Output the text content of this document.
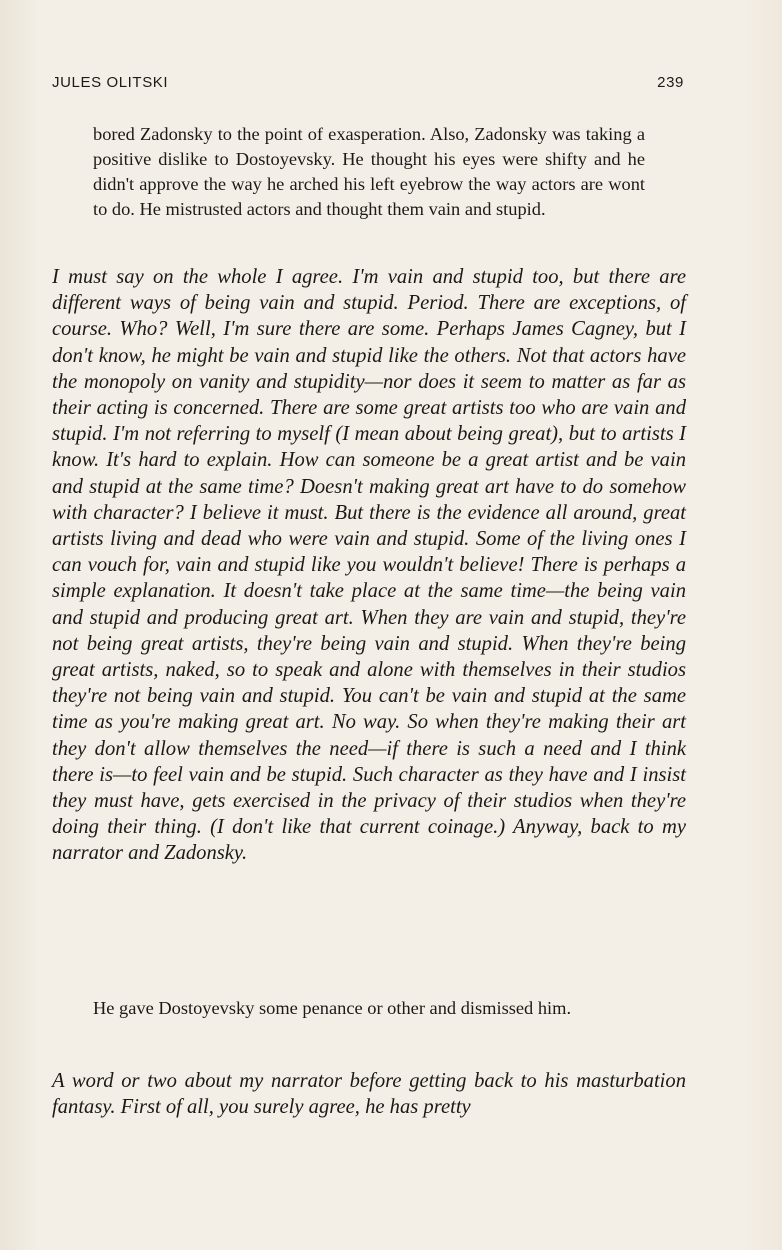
JULES OLITSKI	239

bored Zadonsky to the point of exasperation. Also, Zadonsky was taking a positive dislike to Dostoyevsky. He thought his eyes were shifty and he didn't approve the way he arched his left eyebrow the way actors are wont to do. He mistrusted actors and thought them vain and stupid.

I must say on the whole I agree. I'm vain and stupid too, but there are different ways of being vain and stupid. Period. There are exceptions, of course. Who? Well, I'm sure there are some. Perhaps James Cagney, but I don't know, he might be vain and stupid like the others. Not that actors have the monopoly on vanity and stupidity—nor does it seem to matter as far as their acting is concerned. There are some great artists too who are vain and stupid. I'm not referring to myself (I mean about being great), but to artists I know. It's hard to explain. How can someone be a great artist and be vain and stupid at the same time? Doesn't making great art have to do somehow with character? I believe it must. But there is the evidence all around, great artists living and dead who were vain and stupid. Some of the living ones I can vouch for, vain and stupid like you wouldn't believe! There is perhaps a simple explanation. It doesn't take place at the same time—the being vain and stupid and producing great art. When they are vain and stupid, they're not being great artists, they're being vain and stupid. When they're being great artists, naked, so to speak and alone with themselves in their studios they're not being vain and stupid. You can't be vain and stupid at the same time as you're making great art. No way. So when they're making their art they don't allow themselves the need—if there is such a need and I think there is—to feel vain and be stupid. Such character as they have and I insist they must have, gets exercised in the privacy of their studios when they're doing their thing. (I don't like that current coinage.) Anyway, back to my narrator and Zadonsky.

He gave Dostoyevsky some penance or other and dismissed him.

A word or two about my narrator before getting back to his masturbation fantasy. First of all, you surely agree, he has pretty
